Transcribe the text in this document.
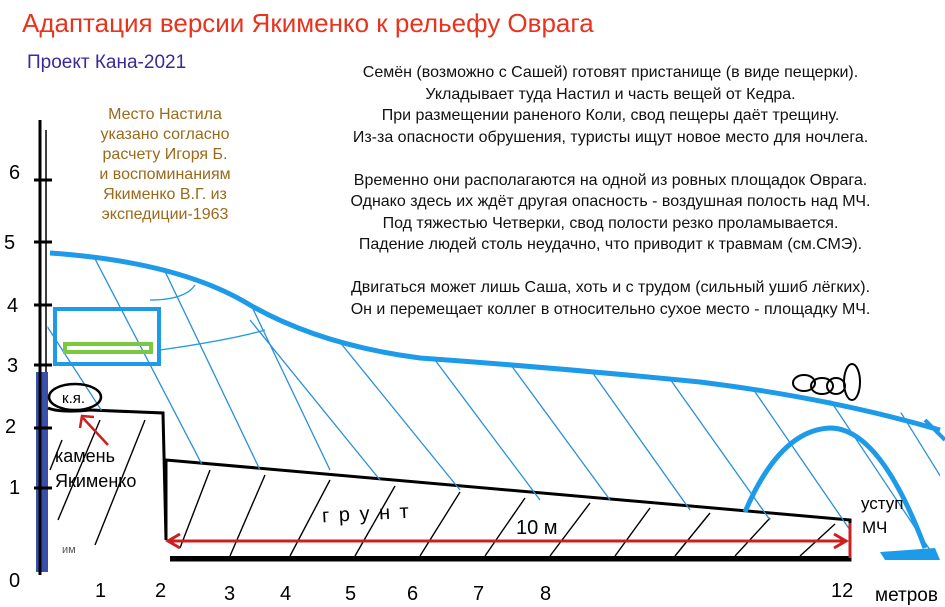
Адаптация версии Якименко к рельефу Оврага
Проект Кана-2021
Место Настила
указано согласно
расчету Игоря Б.
и воспоминаниям
Якименко В.Г. из
экспедиции-1963
Семён (возможно с Сашей) готовят пристанище (в виде пещерки).
Укладывает туда Настил и часть вещей от Кедра.
При размещении раненого Коли, свод пещеры даёт трещину.
Из-за опасности обрушения, туристы ищут новое место для ночлега.
Временно они располагаются на одной из ровных площадок Оврага.
Однако здесь их ждёт другая опасность - воздушная полость над МЧ.
Под тяжестью Четверки, свод полости резко проламывается.
Падение людей столь неудачно, что приводит к травмам (см.СМЭ).
Двигаться может лишь Саша, хоть и с трудом (сильный ушиб лёгких).
Он и перемещает коллег в относительно сухое место - площадку МЧ.
0
1
2
3
4
5
6
1 2	3 4	5	6	7	8	12 метров
к.я.
камень
Якименко
г р у н т
10 м
уступ
МЧ
им
